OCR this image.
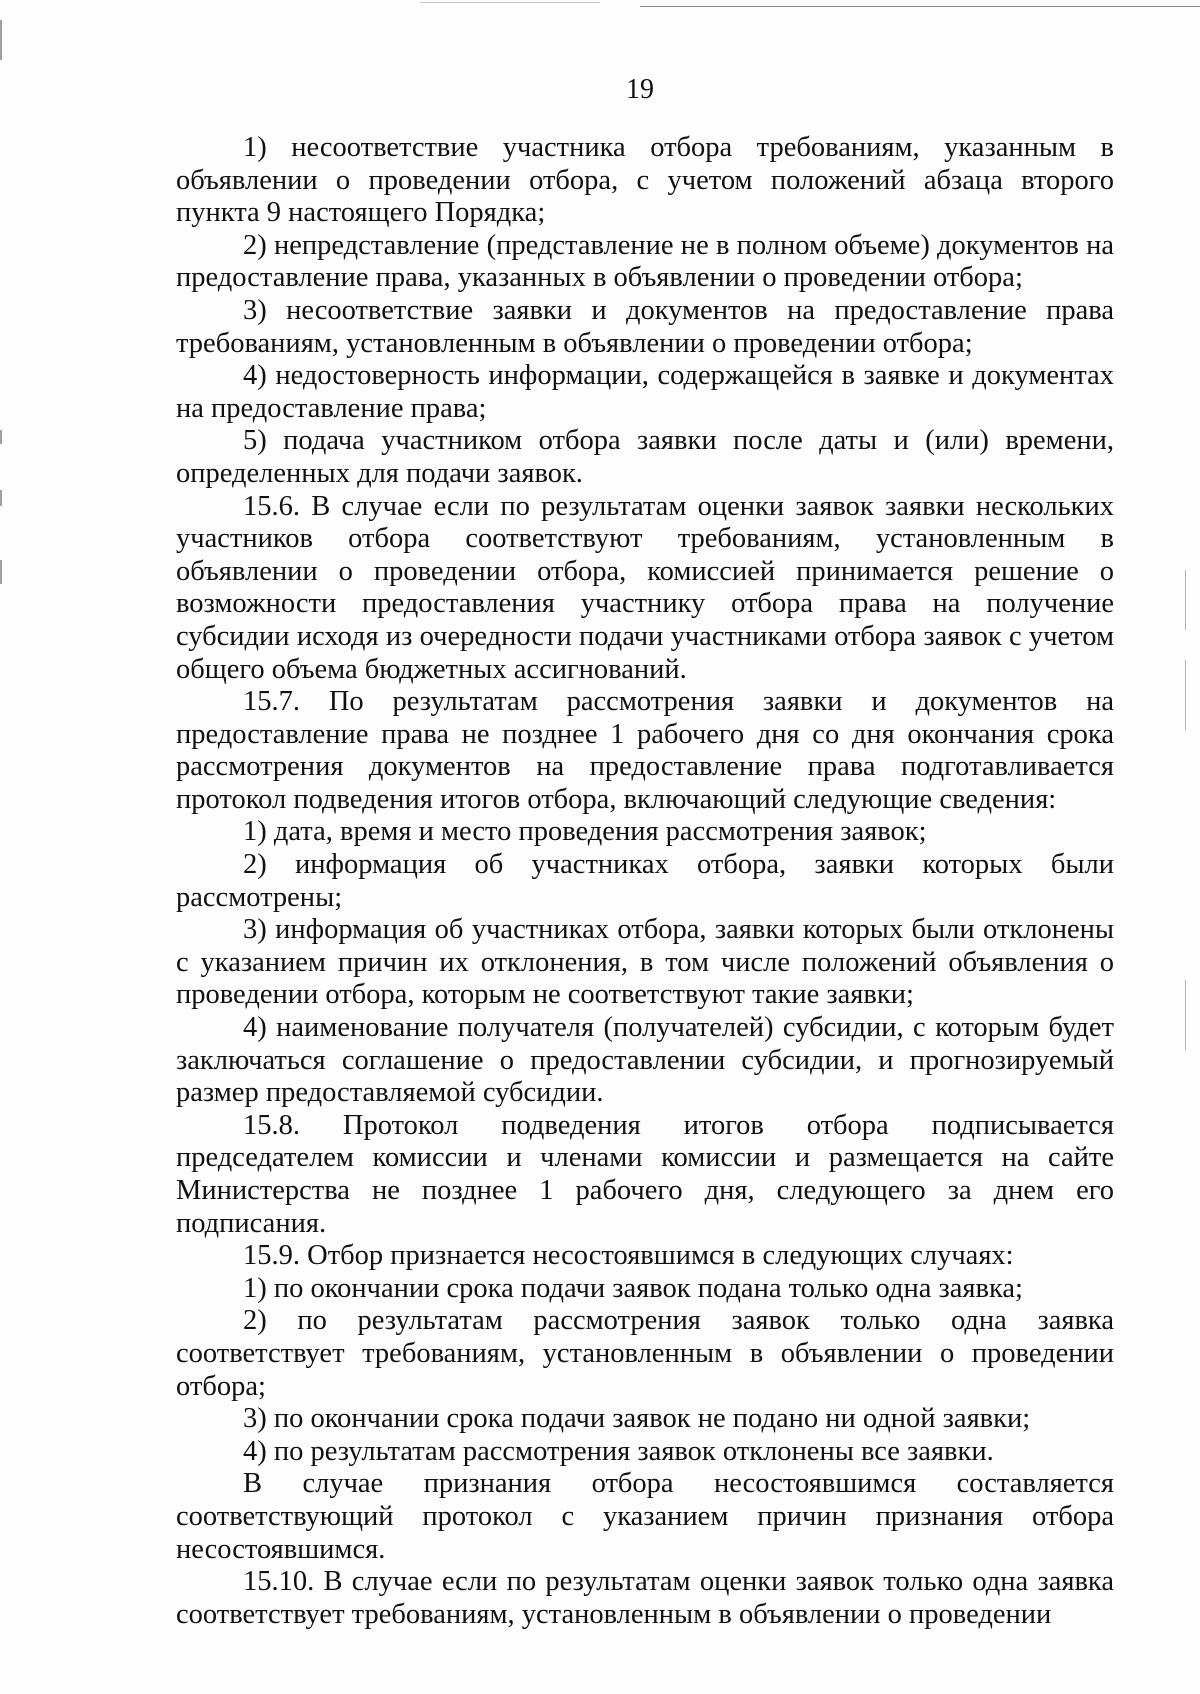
19

1) несоответствие участника отбора требованиям, указанным в объявлении о проведении отбора, с учетом положений абзаца второго пункта 9 настоящего Порядка;

2) непредставление (представление не в полном объеме) документов на предоставление права, указанных в объявлении о проведении отбора;

3) несоответствие заявки и документов на предоставление права требованиям, установленным в объявлении о проведении отбора;

4) недостоверность информации, содержащейся в заявке и документах на предоставление права;

5) подача участником отбора заявки после даты и (или) времени, определенных для подачи заявок.

15.6. В случае если по результатам оценки заявок заявки нескольких участников отбора соответствуют требованиям, установленным в объявлении о проведении отбора, комиссией принимается решение о возможности предоставления участнику отбора права на получение субсидии исходя из очередности подачи участниками отбора заявок с учетом общего объема бюджетных ассигнований.

15.7. По результатам рассмотрения заявки и документов на предоставление права не позднее 1 рабочего дня со дня окончания срока рассмотрения документов на предоставление права подготавливается протокол подведения итогов отбора, включающий следующие сведения:

1) дата, время и место проведения рассмотрения заявок;

2) информация об участниках отбора, заявки которых были рассмотрены;

3) информация об участниках отбора, заявки которых были отклонены с указанием причин их отклонения, в том числе положений объявления о проведении отбора, которым не соответствуют такие заявки;

4) наименование получателя (получателей) субсидии, с которым будет заключаться соглашение о предоставлении субсидии, и прогнозируемый размер предоставляемой субсидии.

15.8. Протокол подведения итогов отбора подписывается председателем комиссии и членами комиссии и размещается на сайте Министерства не позднее 1 рабочего дня, следующего за днем его подписания.

15.9. Отбор признается несостоявшимся в следующих случаях:

1) по окончании срока подачи заявок подана только одна заявка;

2) по результатам рассмотрения заявок только одна заявка соответствует требованиям, установленным в объявлении о проведении отбора;

3) по окончании срока подачи заявок не подано ни одной заявки;

4) по результатам рассмотрения заявок отклонены все заявки.

В случае признания отбора несостоявшимся составляется соответствующий протокол с указанием причин признания отбора несостоявшимся.

15.10. В случае если по результатам оценки заявок только одна заявка соответствует требованиям, установленным в объявлении о проведении
